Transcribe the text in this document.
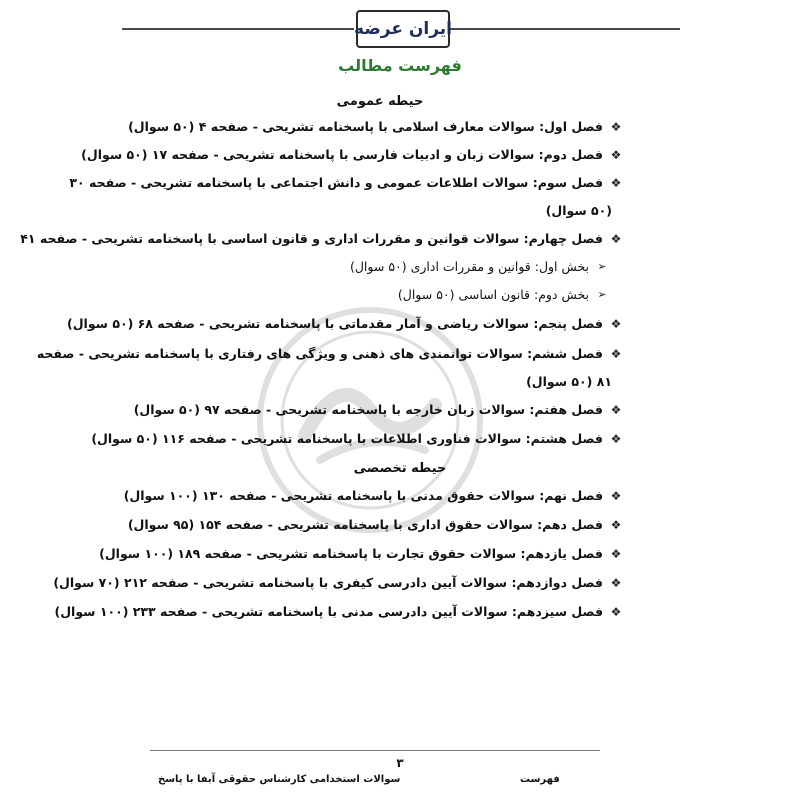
ایران عرضه
فهرست مطالب
حیطه عمومی
حیطه تخصصی
❖
فصل اول: سوالات معارف اسلامی با پاسخنامه تشریحی - صفحه ۴ (۵۰ سوال)
❖
فصل دوم: سوالات زبان و ادبیات فارسی با پاسخنامه تشریحی - صفحه ۱۷ (۵۰ سوال)
❖
فصل سوم: سوالات اطلاعات عمومی و دانش اجتماعی با پاسخنامه تشریحی - صفحه ۳۰
(۵۰ سوال)
❖
فصل چهارم: سوالات قوانین و مقررات اداری و قانون اساسی با پاسخنامه تشریحی - صفحه ۴۱
➢
بخش اول: قوانین و مقررات اداری (۵۰ سوال)
➢
بخش دوم: قانون اساسی (۵۰ سوال)
❖
فصل پنجم: سوالات ریاضی و آمار مقدماتی با پاسخنامه تشریحی - صفحه ۶۸ (۵۰ سوال)
❖
فصل ششم: سوالات توانمندی های ذهنی و ویژگی های رفتاری با پاسخنامه تشریحی - صفحه
۸۱ (۵۰ سوال)
❖
فصل هفتم: سوالات زبان خارجه با پاسخنامه تشریحی - صفحه ۹۷ (۵۰ سوال)
❖
فصل هشتم: سوالات فناوری اطلاعات با پاسخنامه تشریحی - صفحه ۱۱۶ (۵۰ سوال)
❖
فصل نهم: سوالات حقوق مدنی با پاسخنامه تشریحی - صفحه ۱۳۰ (۱۰۰ سوال)
❖
فصل دهم: سوالات حقوق اداری با پاسخنامه تشریحی - صفحه ۱۵۴ (۹۵ سوال)
❖
فصل یازدهم: سوالات حقوق تجارت با پاسخنامه تشریحی - صفحه ۱۸۹ (۱۰۰ سوال)
❖
فصل دوازدهم: سوالات آیین دادرسی کیفری با پاسخنامه تشریحی - صفحه ۲۱۲ (۷۰ سوال)
❖
فصل سیزدهم: سوالات آیین دادرسی مدنی با پاسخنامه تشریحی - صفحه ۲۳۳ (۱۰۰ سوال)
۳
سوالات استخدامی کارشناس حقوقی آبفا با پاسخ	فهرست
